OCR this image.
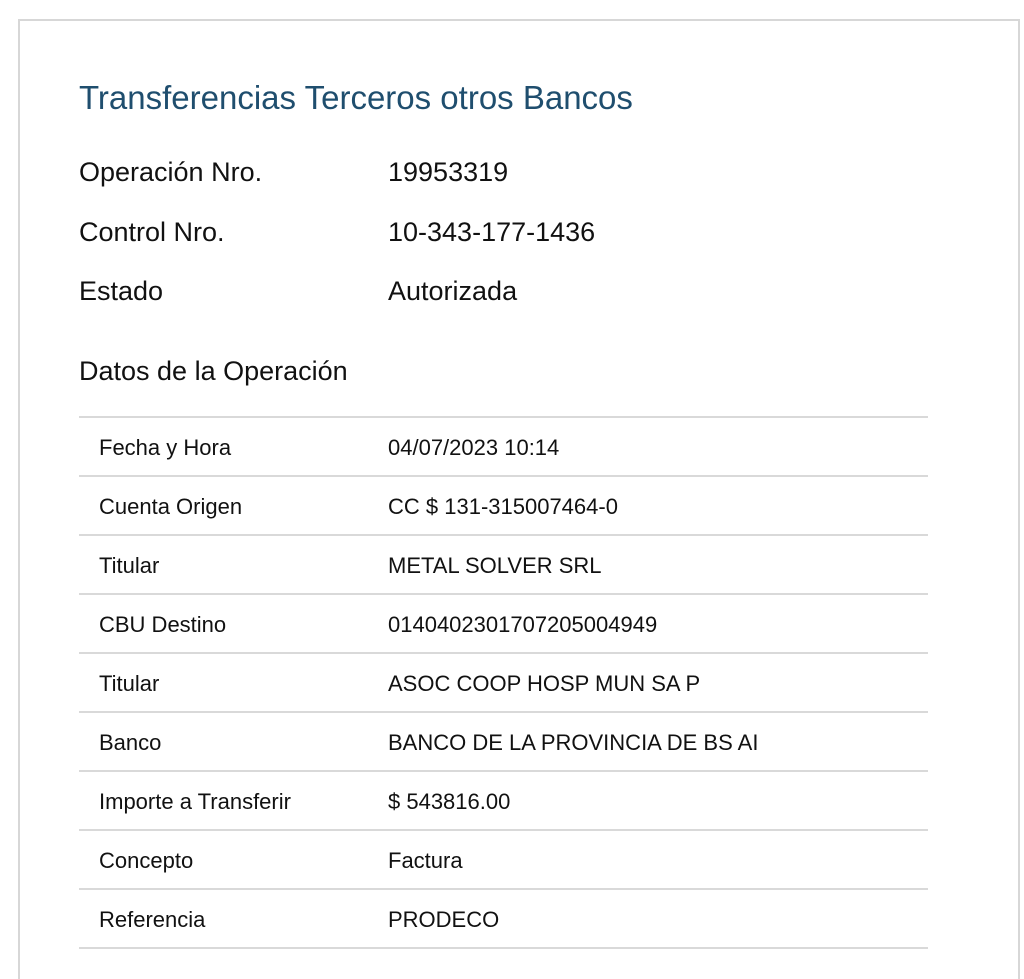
Transferencias Terceros otros Bancos
Operación Nro.	19953319
Control Nro.	10-343-177-1436
Estado	Autorizada
Datos de la Operación
Fecha y Hora	04/07/2023 10:14
Cuenta Origen	CC $ 131-315007464-0
Titular	METAL SOLVER SRL
CBU Destino	0140402301707205004949
Titular	ASOC COOP HOSP MUN SA P
Banco	BANCO DE LA PROVINCIA DE BS AI
Importe a Transferir	$ 543816.00
Concepto	Factura
Referencia	PRODECO
